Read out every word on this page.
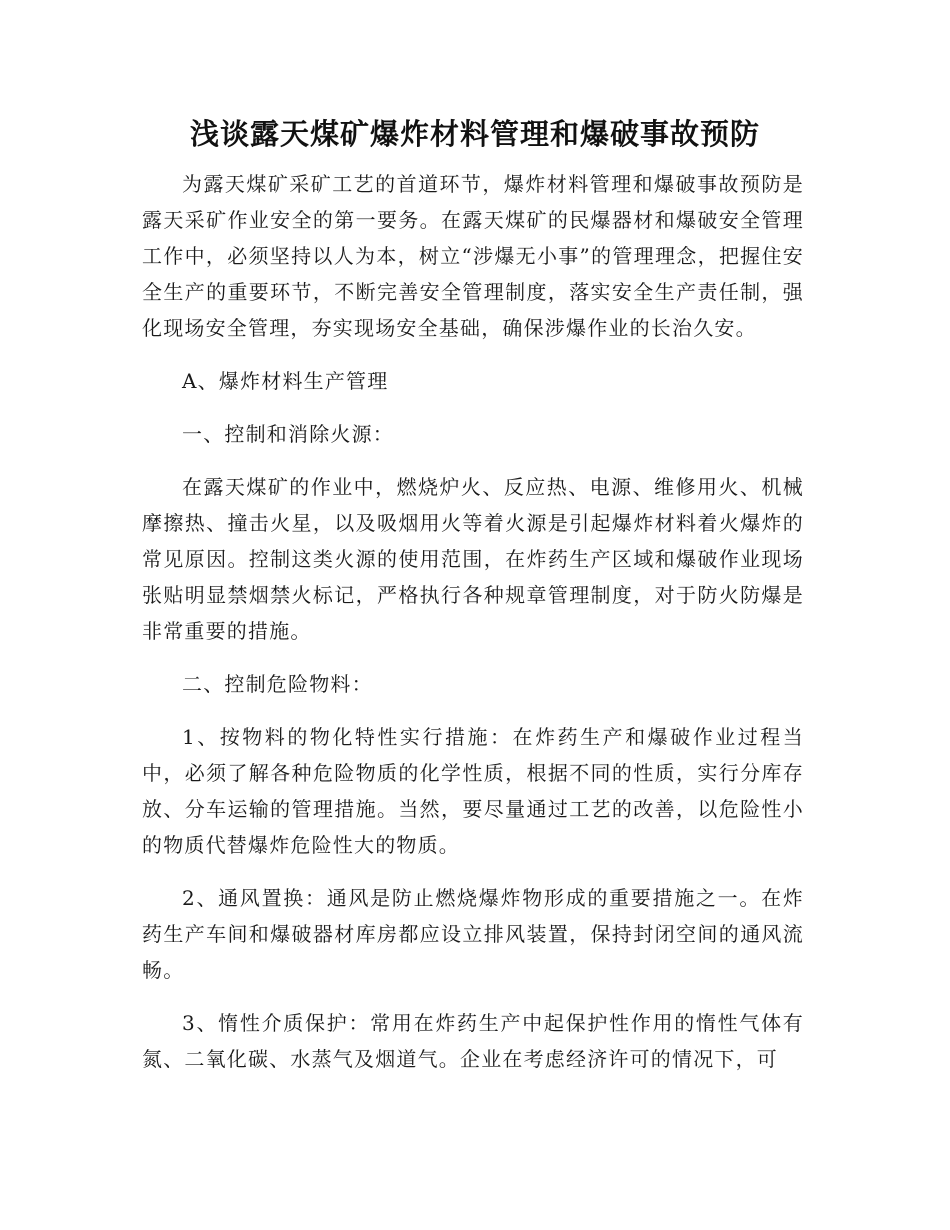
浅谈露天煤矿爆炸材料管理和爆破事故预防

为露天煤矿采矿工艺的首道环节，爆炸材料管理和爆破事故预防是露天采矿作业安全的第一要务。在露天煤矿的民爆器材和爆破安全管理工作中，必须坚持以人为本，树立“涉爆无小事”的管理理念，把握住安全生产的重要环节，不断完善安全管理制度，落实安全生产责任制，强化现场安全管理，夯实现场安全基础，确保涉爆作业的长治久安。

A、爆炸材料生产管理

一、控制和消除火源：

在露天煤矿的作业中，燃烧炉火、反应热、电源、维修用火、机械摩擦热、撞击火星，以及吸烟用火等着火源是引起爆炸材料着火爆炸的常见原因。控制这类火源的使用范围，在炸药生产区域和爆破作业现场张贴明显禁烟禁火标记，严格执行各种规章管理制度，对于防火防爆是非常重要的措施。

二、控制危险物料：

1、按物料的物化特性实行措施：在炸药生产和爆破作业过程当中，必须了解各种危险物质的化学性质，根据不同的性质，实行分库存放、分车运输的管理措施。当然，要尽量通过工艺的改善，以危险性小的物质代替爆炸危险性大的物质。

2、通风置换：通风是防止燃烧爆炸物形成的重要措施之一。在炸药生产车间和爆破器材库房都应设立排风装置，保持封闭空间的通风流畅。

3、惰性介质保护：常用在炸药生产中起保护性作用的惰性气体有氮、二氧化碳、水蒸气及烟道气。企业在考虑经济许可的情况下，可
